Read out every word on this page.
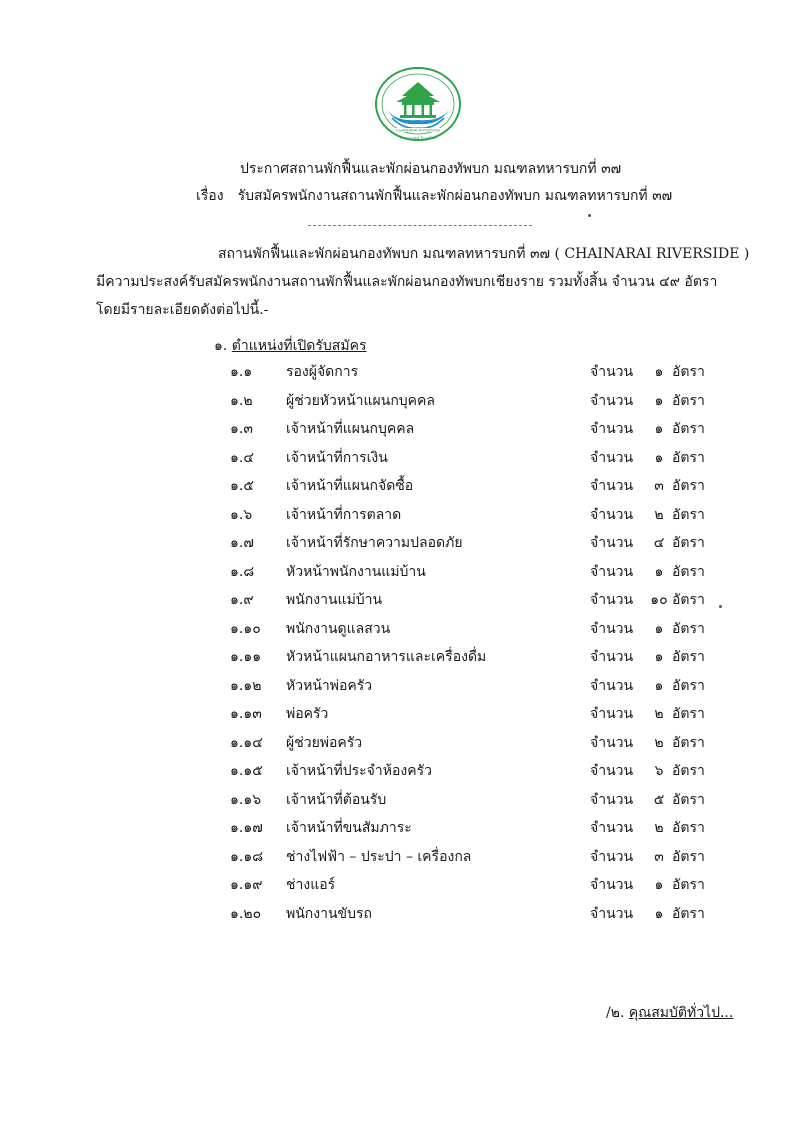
CHAINARAI RIVERSIDE
ไชยนารายณ์ ริเวอร์ไซด์
ประกาศสถานพักฟื้นและพักผ่อนกองทัพบก มณฑลทหารบกที่ ๓๗
เรื่อง รับสมัครพนักงานสถานพักฟื้นและพักผ่อนกองทัพบก มณฑลทหารบกที่ ๓๗
สถานพักฟื้นและพักผ่อนกองทัพบก มณฑลทหารบกที่ ๓๗ ( CHAINARAI RIVERSIDE )
มีความประสงค์รับสมัครพนักงานสถานพักฟื้นและพักผ่อนกองทัพบกเชียงราย รวมทั้งสิ้น จำนวน ๔๙ อัตรา
โดยมีรายละเอียดดังต่อไปนี้.-
๑. ตำแหน่งที่เปิดรับสมัคร
๑.๑ รองผู้จัดการ	จำนวน	๑ อัตรา
๑.๒ ผู้ช่วยหัวหน้าแผนกบุคคล	จำนวน	๑ อัตรา
๑.๓ เจ้าหน้าที่แผนกบุคคล	จำนวน	๑ อัตรา
๑.๔ เจ้าหน้าที่การเงิน	จำนวน	๑ อัตรา
๑.๕ เจ้าหน้าที่แผนกจัดซื้อ	จำนวน	๓ อัตรา
๑.๖ เจ้าหน้าที่การตลาด	จำนวน	๒ อัตรา
๑.๗ เจ้าหน้าที่รักษาความปลอดภัย	จำนวน ๔ อัตรา
๑.๘ หัวหน้าพนักงานแม่บ้าน	จำนวน	๑ อัตรา
๑.๙ พนักงานแม่บ้าน	จำนวน ๑๐ อัตรา
๑.๑๐ พนักงานดูแลสวน	จำนวน	๑ อัตรา
๑.๑๑ หัวหน้าแผนกอาหารและเครื่องดื่ม	จำนวน	๑ อัตรา
๑.๑๒ หัวหน้าพ่อครัว	จำนวน	๑ อัตรา
๑.๑๓ พ่อครัว	จำนวน	๒ อัตรา
๑.๑๔ ผู้ช่วยพ่อครัว	จำนวน	๒ อัตรา
๑.๑๕ เจ้าหน้าที่ประจำห้องครัว	จำนวน	๖ อัตรา
๑.๑๖ เจ้าหน้าที่ต้อนรับ	จำนวน ๕ อัตรา
๑.๑๗ เจ้าหน้าที่ขนสัมภาระ	จำนวน	๒ อัตรา
๑.๑๘ ช่างไฟฟ้า – ประปา – เครื่องกล	จำนวน	๓ อัตรา
๑.๑๙ ช่างแอร์	จำนวน	๑ อัตรา
๑.๒๐ พนักงานขับรถ	จำนวน	๑ อัตรา
/๒. คุณสมบัติทั่วไป...
